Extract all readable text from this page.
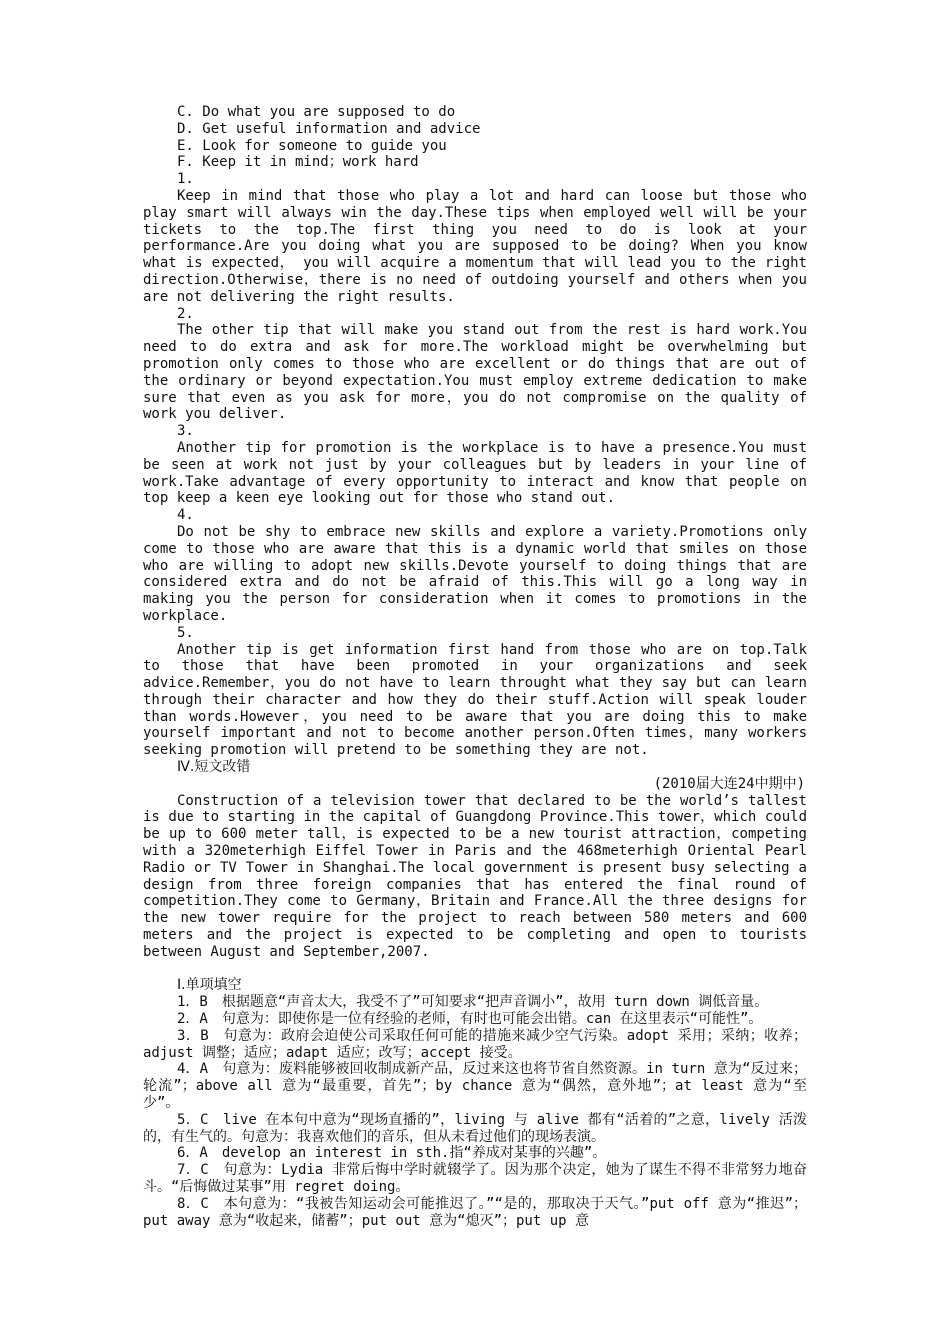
C. Do what you are supposed to do

D. Get useful information and advice

E. Look for someone to guide you

F. Keep it in mind；work hard

1.

Keep in mind that those who play a lot and hard can loose but those who play smart will always win the day.These tips when employed well will be your tickets to the top.The first thing you need to do is look at your performance.Are you doing what you are supposed to be doing? When you know what is expected， you will acquire a momentum that will lead you to the right direction.Otherwise，there is no need of outdoing yourself and others when you are not delivering the right results.

2.

The other tip that will make you stand out from the rest is hard work.You need to do extra and ask for more.The workload might be overwhelming but promotion only comes to those who are excellent or do things that are out of the ordinary or beyond expectation.You must employ extreme dedication to make sure that even as you ask for more，you do not compromise on the quality of work you deliver.

3.

Another tip for promotion is the workplace is to have a presence.You must be seen at work not just by your colleagues but by leaders in your line of work.Take advantage of every opportunity to interact and know that people on top keep a keen eye looking out for those who stand out.

4.

Do not be shy to embrace new skills and explore a variety.Promotions only come to those who are aware that this is a dynamic world that smiles on those who are willing to adopt new skills.Devote yourself to doing things that are considered extra and do not be afraid of this.This will go a long way in making you the person for consideration when it comes to promotions in the workplace.

5.

Another tip is get information first hand from those who are on top.Talk to those that have been promoted in your organizations and seek advice.Remember，you do not have to learn throught what they say but can learn through their character and how they do their stuff.Action will speak louder than words.However，you need to be aware that you are doing this to make yourself important and not to become another person.Often times，many workers seeking promotion will pretend to be something they are not.

Ⅳ.短文改错

(2010届大连24中期中)

Construction of a television tower that declared to be the world’s tallest is due to starting in the capital of Guangdong Province.This tower，which could be up to 600 meter tall，is expected to be a new tourist attraction，competing with a 320meterhigh Eiffel Tower in Paris and the 468meterhigh Oriental Pearl Radio or TV Tower in Shanghai.The local government is present busy selecting a design from three foreign companies that has entered the final round of competition.They come to Germany，Britain and France.All the three designs for the new tower require for the project to reach between 580 meters and 600 meters and the project is expected to be completing and open to tourists between August and September,2007.

Ⅰ.单项填空

1．B　根据题意“声音太大，我受不了”可知要求“把声音调小”，故用 turn down 调低音量。

2．A　句意为：即使你是一位有经验的老师，有时也可能会出错。can 在这里表示“可能性”。

3．B　句意为：政府会迫使公司采取任何可能的措施来减少空气污染。adopt 采用；采纳；收养；adjust 调整；适应；adapt 适应；改写；accept 接受。

4．A　句意为：废料能够被回收制成新产品，反过来这也将节省自然资源。in turn 意为“反过来；轮流”；above all 意为“最重要，首先”；by chance 意为“偶然，意外地”；at least 意为“至少”。

5．C　live 在本句中意为“现场直播的”，living 与 alive 都有“活着的”之意，lively 活泼的，有生气的。句意为：我喜欢他们的音乐，但从未看过他们的现场表演。

6．A　develop an interest in sth.指“养成对某事的兴趣”。

7．C　句意为：Lydia 非常后悔中学时就辍学了。因为那个决定，她为了谋生不得不非常努力地奋斗。“后悔做过某事”用 regret doing。

8．C　本句意为：“我被告知运动会可能推迟了。”“是的，那取决于天气。”put off 意为“推迟”；put away 意为“收起来，储蓄”；put out 意为“熄灭”；put up 意
